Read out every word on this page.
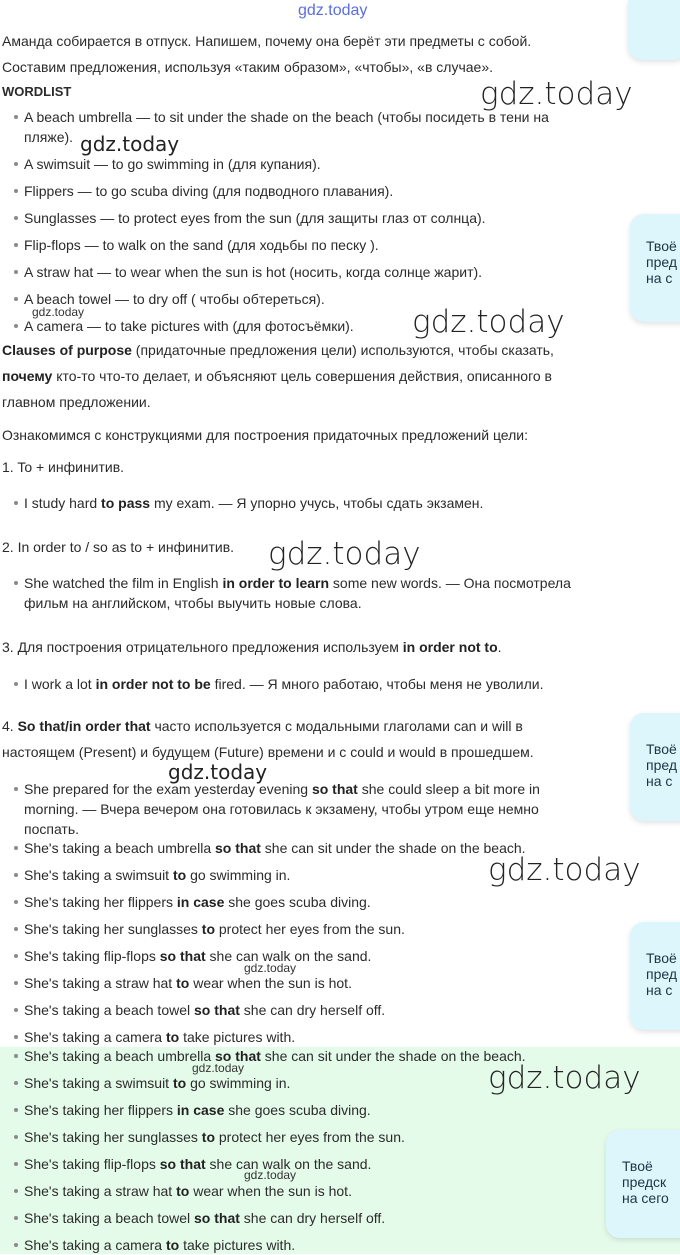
gdz.today
Аманда собирается в отпуск. Напишем, почему она берёт эти предметы с собой.
Составим предложения, используя «таким образом», «чтобы», «в случае».
WORDLIST
A beach umbrella — to sit under the shade on the beach (чтобы посидеть в тени на
пляже).
A swimsuit — to go swimming in (для купания).
Flippers — to go scuba diving (для подводного плавания).
Sunglasses — to protect eyes from the sun (для защиты глаз от солнца).
Flip-flops — to walk on the sand (для ходьбы по песку ).
A straw hat — to wear when the sun is hot (носить, когда солнце жарит).
A beach towel — to dry off ( чтобы обтереться).
A camera — to take pictures with (для фотосъёмки).
Clauses of purpose (придаточные предложения цели) используются, чтобы сказать,
почему кто-то что-то делает, и объясняют цель совершения действия, описанного в
главном предложении.
Ознакомимся с конструкциями для построения придаточных предложений цели:
1. To + инфинитив.
I study hard to pass my exam. — Я упорно учусь, чтобы сдать экзамен.
2. In order to / so as to + инфинитив.
She watched the film in English in order to learn some new words. — Она посмотрела
фильм на английском, чтобы выучить новые слова.
3. Для построения отрицательного предложения используем in order not to.
I work a lot in order not to be fired. — Я много работаю, чтобы меня не уволили.
4. So that/in order that часто используется с модальными глаголами can и will в
настоящем (Present) и будущем (Future) времени и с could и would в прошедшем.
She prepared for the exam yesterday evening so that she could sleep a bit more in
morning. — Вчера вечером она готовилась к экзамену, чтобы утром еще немно
поспать.
She's taking a beach umbrella so that she can sit under the shade on the beach.
She's taking a swimsuit to go swimming in.
She's taking her flippers in case she goes scuba diving.
She's taking her sunglasses to protect her eyes from the sun.
She's taking flip-flops so that she can walk on the sand.
She's taking a straw hat to wear when the sun is hot.
She's taking a beach towel so that she can dry herself off.
She's taking a camera to take pictures with.
She's taking a beach umbrella so that she can sit under the shade on the beach.
She's taking a swimsuit to go swimming in.
She's taking her flippers in case she goes scuba diving.
She's taking her sunglasses to protect her eyes from the sun.
She's taking flip-flops so that she can walk on the sand.
She's taking a straw hat to wear when the sun is hot.
She's taking a beach towel so that she can dry herself off.
She's taking a camera to take pictures with.
Твоё
пред
на с
Твоё
пред
на с
Твоё
пред
на с
Твоё
предск
на сего
gdz.today
gdz.today
gdz.today	gdz.today
gdz.today
gdz.today
gdz.today
gdz.today
gdz.today	gdz.today
gdz.today
